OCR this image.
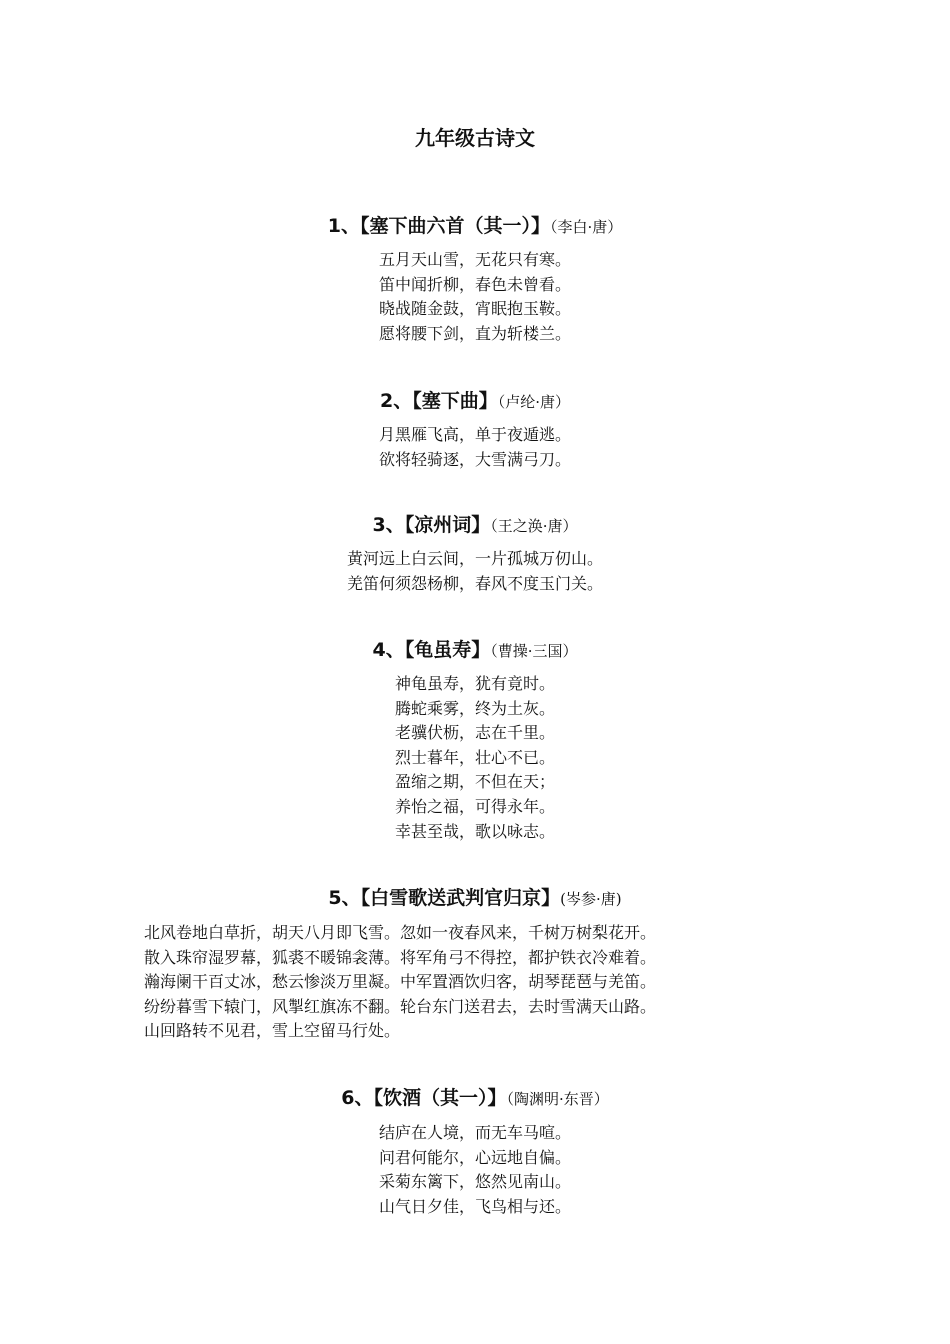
九年级古诗文
1、【塞下曲六首（其一）】（李白·唐）
五月天山雪，无花只有寒。
笛中闻折柳，春色未曾看。
晓战随金鼓，宵眠抱玉鞍。
愿将腰下剑，直为斩楼兰。
2、【塞下曲】（卢纶·唐）
月黑雁飞高，单于夜遁逃。
欲将轻骑逐，大雪满弓刀。
3、【凉州词】（王之涣·唐）
黄河远上白云间，一片孤城万仞山。
羌笛何须怨杨柳，春风不度玉门关。
4、【龟虽寿】（曹操·三国）
神龟虽寿，犹有竟时。
腾蛇乘雾，终为土灰。
老骥伏枥，志在千里。
烈士暮年，壮心不已。
盈缩之期，不但在天；
养怡之福，可得永年。
幸甚至哉，歌以咏志。
5、【白雪歌送武判官归京】(岑参·唐)
北风卷地白草折，胡天八月即飞雪。忽如一夜春风来，千树万树梨花开。
散入珠帘湿罗幕，狐裘不暖锦衾薄。将军角弓不得控，都护铁衣冷难着。
瀚海阑干百丈冰，愁云惨淡万里凝。中军置酒饮归客，胡琴琵琶与羌笛。
纷纷暮雪下辕门，风掣红旗冻不翻。轮台东门送君去，去时雪满天山路。
山回路转不见君，雪上空留马行处。
6、【饮酒（其一）】（陶渊明·东晋）
结庐在人境，而无车马喧。
问君何能尔，心远地自偏。
采菊东篱下，悠然见南山。
山气日夕佳，飞鸟相与还。
